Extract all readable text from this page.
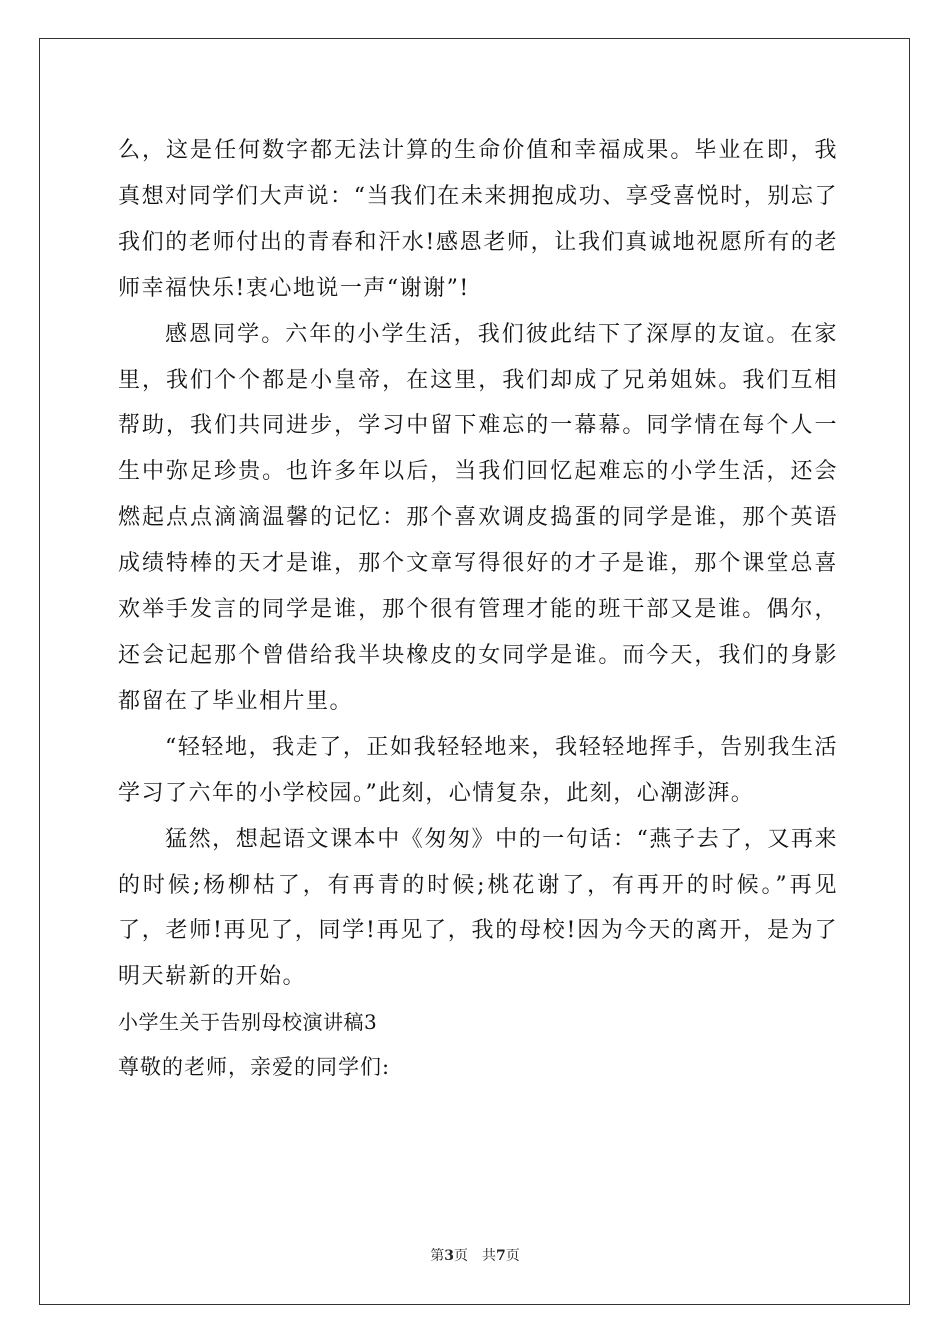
么，这是任何数字都无法计算的生命价值和幸福成果。毕业在即，我真想对同学们大声说：“当我们在未来拥抱成功、享受喜悦时，别忘了我们的老师付出的青春和汗水!感恩老师，让我们真诚地祝愿所有的老师幸福快乐!衷心地说一声“谢谢”!

感恩同学。六年的小学生活，我们彼此结下了深厚的友谊。在家里，我们个个都是小皇帝，在这里，我们却成了兄弟姐妹。我们互相帮助，我们共同进步，学习中留下难忘的一幕幕。同学情在每个人一生中弥足珍贵。也许多年以后，当我们回忆起难忘的小学生活，还会燃起点点滴滴温馨的记忆：那个喜欢调皮捣蛋的同学是谁，那个英语成绩特棒的天才是谁，那个文章写得很好的才子是谁，那个课堂总喜欢举手发言的同学是谁，那个很有管理才能的班干部又是谁。偶尔，还会记起那个曾借给我半块橡皮的女同学是谁。而今天，我们的身影都留在了毕业相片里。

“轻轻地，我走了，正如我轻轻地来，我轻轻地挥手，告别我生活学习了六年的小学校园。”此刻，心情复杂，此刻，心潮澎湃。

猛然，想起语文课本中《匆匆》中的一句话：“燕子去了，又再来的时候;杨柳枯了，有再青的时候;桃花谢了，有再开的时候。”再见了，老师!再见了，同学!再见了，我的母校!因为今天的离开，是为了明天崭新的开始。

小学生关于告别母校演讲稿3

尊敬的老师，亲爱的同学们:

第3页 共7页
